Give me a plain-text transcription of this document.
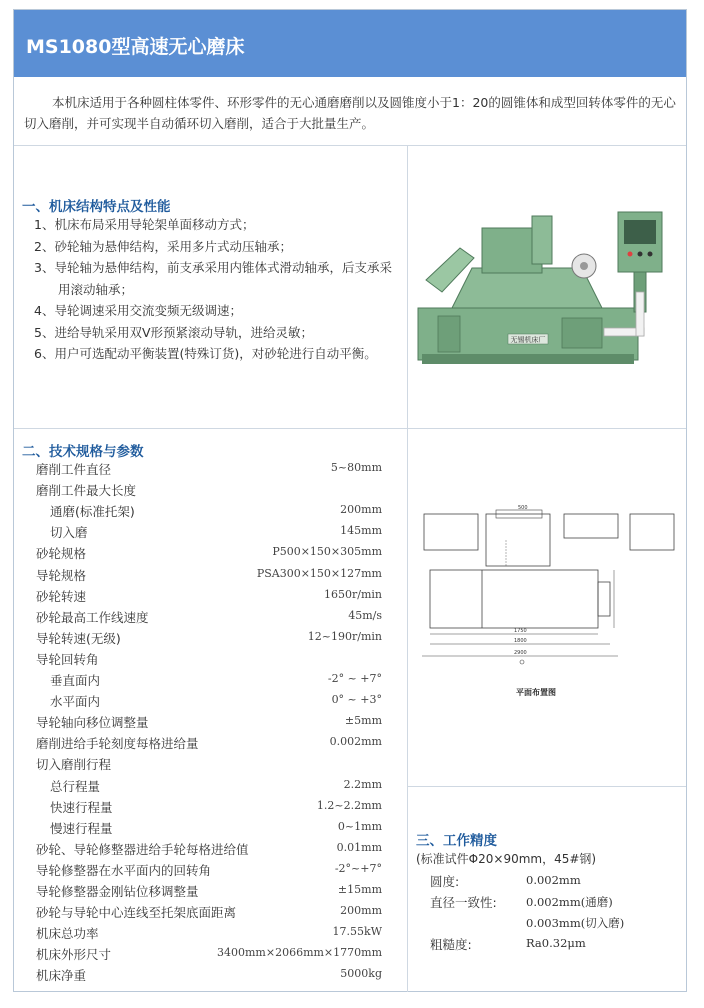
MS1080型高速无心磨床

本机床适用于各种圆柱体零件、环形零件的无心通磨磨削以及圆锥度小于1：20的圆锥体和成型回转体零件的无心切入磨削，并可实现半自动循环切入磨削，适合于大批量生产。

一、机床结构特点及性能
1、机床布局采用导轮架单面移动方式；
2、砂轮轴为悬伸结构，采用多片式动压轴承；
3、导轮轴为悬伸结构，前支承采用内锥体式滑动轴承，后支承采用滚动轴承；
4、导轮调速采用交流变频无级调速；
5、进给导轨采用双V形预紧滚动导轨，进给灵敏；
6、用户可选配动平衡装置(特殊订货)，对砂轮进行自动平衡。
无锡机床厂
二、技术规格与参数
磨削工件直径	5~80mm
磨削工件最大长度
通磨(标准托架)	200mm
切入磨	145mm
砂轮规格	P500×150×305mm
导轮规格	PSA300×150×127mm
砂轮转速	1650r/min
砂轮最高工作线速度	45m/s
导轮转速(无级)	12~190r/min
导轮回转角
垂直面内	-2° ~ +7°
水平面内	0° ~ +3°
导轮轴向移位调整量	±5mm
磨削进给手轮刻度每格进给量	0.002mm
切入磨削行程
总行程量	2.2mm
快速行程量	1.2~2.2mm
慢速行程量	0~1mm
砂轮、导轮修整器进给手轮每格进给值	0.01mm
导轮修整器在水平面内的回转角	-2°~+7°
导轮修整器金刚钻位移调整量	±15mm
砂轮与导轮中心连线至托架底面距离	200mm
机床总功率	17.55kW
机床外形尺寸	3400mm×2066mm×1770mm
机床净重	5000kg
500
1750
1800
2900
平面布置图
三、工作精度
(标准试件Φ20×90mm，45#钢)
圆度:	0.002mm
直径一致性:	0.002mm(通磨)
0.003mm(切入磨)
粗糙度:	Ra0.32μm
